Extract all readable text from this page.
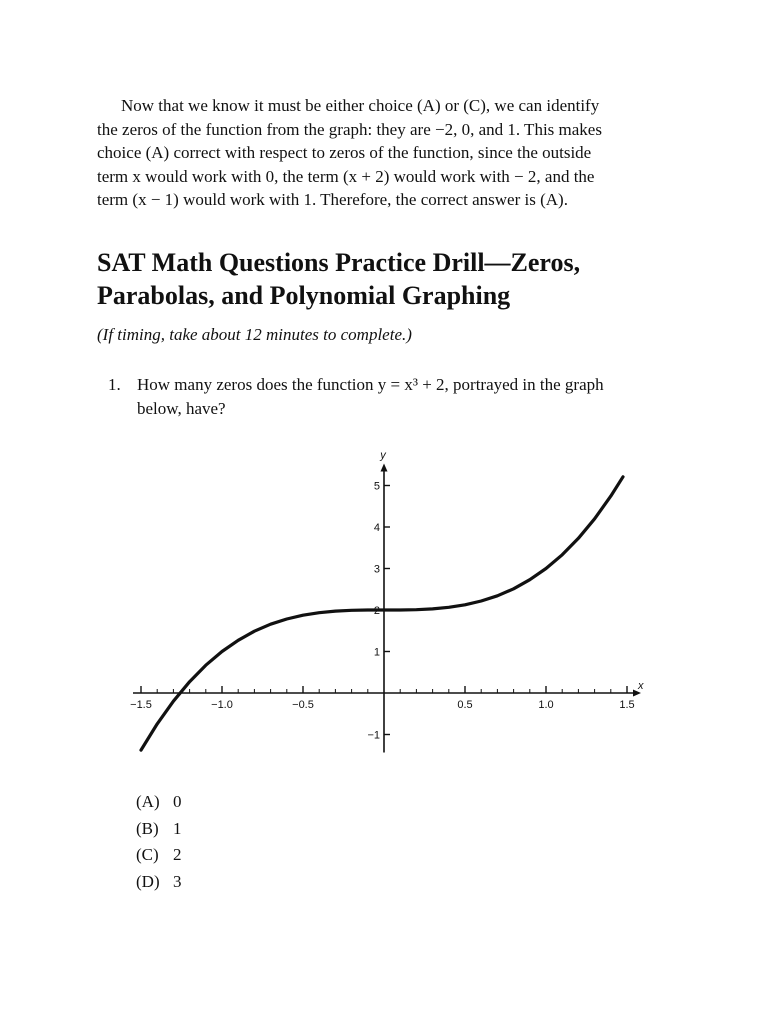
Now that we know it must be either choice (A) or (C), we can identify
the zeros of the function from the graph: they are −2, 0, and 1. This makes
choice (A) correct with respect to zeros of the function, since the outside
term x would work with 0, the term (x + 2) would work with − 2, and the
term (x − 1) would work with 1. Therefore, the correct answer is (A).
SAT Math Questions Practice Drill—Zeros,
Parabolas, and Polynomial Graphing
(If timing, take about 12 minutes to complete.)
1. How many zeros does the function y = x³ + 2, portrayed in the graph
below, have?
x
y
−1.5	−1.0	−0.5	0.5	1.0	1.5
−1
1
2
3
4
5
(A) 0
(B) 1
(C) 2
(D) 3
